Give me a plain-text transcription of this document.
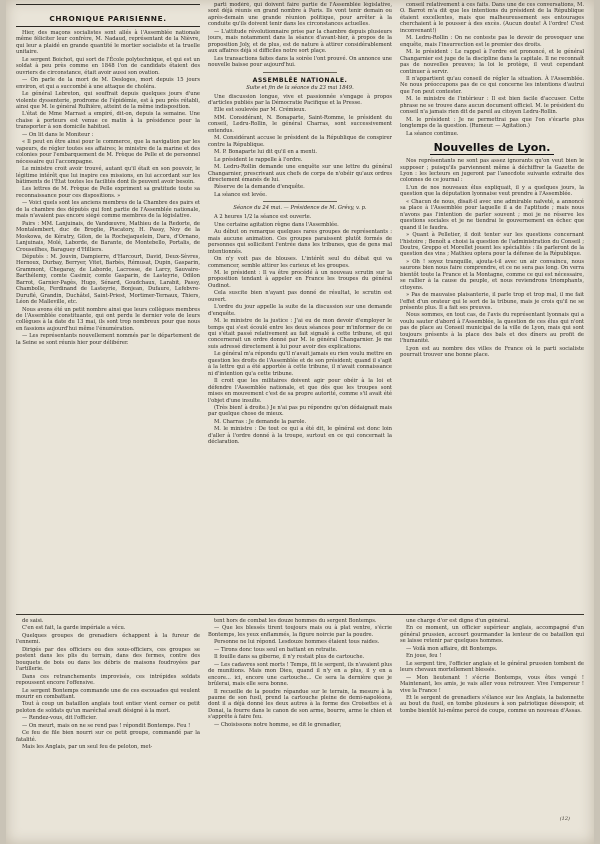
CHRONIQUE PARISIENNE.

Hier, des maçons socialistes sont allés à l'Assemblée nationale même féliciter leur confrère, M. Nadaud, représentant de la Nièvre, qui leur a plaidé en grande quantité le mortier socialiste et la truelle unitaire.

Le sergent Boichot, qui sort de l'École polytechnique, et qui est un soldat à peu près comme en 1848 l'on de candidats étaient des ouvriers de circonstance, était avoir aussi son ovation.

— On parle de la mort de M. Desloges, mort depuis 15 jours environ, et qui a succombé à une attaque de choléra.

Le général Lebreton, qui souffrait depuis quelques jours d'une violente dyssenterie, prodrome de l'épidémie, est à peu près rétabli, ainsi que M. le général Rulhière, atteint de la même indisposition.

L'état de Mme Marrast a empiré, dit-on, depuis la semaine. Une chaise à porteurs est venue ce matin à la présidence pour la transporter à son domicile habituel.

— On lit dans le Moniteur :

« Il peut en être ainsi pour le commerce, que la navigation par les vapeurs, de régler toutes ses affaires; le ministre de la marine et des colonies pour l'embarquement de M. Frèque de Pelle et de personnel nécessaire qui l'accompagne.

Le ministre croit avoir trouvé, autant qu'il était en son pouvoir, le légitime intérêt que lui inspire ces missions, en lui accordant sur les bâtiments de l'État toutes les facilités dont ils peuvent avoir besoin.

Les lettres de M. Frèque de Pelle expriment sa gratitude toute sa reconnaissance pour ces dispositions. »

— Voici quels sont les anciens membres de la Chambre des pairs et de la chambre des députés qui font partie de l'Assemblée nationale, mais n'avaient pas encore siégé comme membres de la législative.

Pairs : MM. Lanjuinais, de Vandœuvre, Mathieu de la Redorte, de Montalembert, duc de Broglie, Piscatory, H. Passy, Noy de la Moskowa, de Kératry, Gilon, de la Rochejaquelein, Daru, d'Ornano, Lanjuinais, Molé, Laborde, de Barante, de Montebello, Portalis, de Crouseilhes, Baraguey d'Hilliers.

Députés : M. Jouvin, Dampierre, d'Harcourt, David, Deux-Sèvres, Hernoux, Durbay, Berryer, Vitet, Barbès, Rémusat, Dupin, Gasparin, Grammont, Chegaray, de Laborde, Lacrosse, de Larcy, Sauvaire-Barthélemy, comte Casimir, comte Gasparin, de Lasteyrie, Odilon Barrot, Garnier-Pagès, Hugo, Sénard, Goudchaux, Larabit, Passy, Chambolle, Ferdinand de Lasteyrie, Bonjean, Dufaure, Lefebvre-Duruflé, Grandin, Duchâtel, Saint-Priest, Mortimer-Ternaux, Thiers, Léon de Malleville, etc.

Nous avons été un petit nombre ainsi que leurs collègues membres de l'Assemblée constituante, qui ont perdu le dernier vote de leurs collègues à la date du 13 mai, ils sont trop nombreux pour que nous en fassions aujourd'hui même l'énumération.

— Les représentants nouvellement nommés par le département de la Seine se sont réunis hier pour délibérer.

parti modéré, qui doivent faire partie de l'Assemblée législative, sont déjà réunis en grand nombre à Paris. Ils vont tenir demain ou après-demain une grande réunion politique, pour arrêter à la conduite qu'ils doivent tenir dans les circonstances actuelles.

— L'attitude révolutionnaire prise par la chambre depuis plusieurs jours, mais notamment dans la séance d'avant-hier, à propos de la proposition Joly, et de plus, est de nature à attirer considérablement aux affaires déjà si difficiles notre sort plaçe.

Les transactions faites dans la soirée l'ont prouvé. On annonce une nouvelle baisse pour aujourd'hui.

ASSEMBLÉE NATIONALE.
Suite et fin de la séance du 23 mai 1849.

Une discussion longue, vive et passionnée s'engage à propos d'articles publiés par la Démocratie Pacifique et la Presse.

Elle est soulevée par M. Crémieux.

MM. Considérant, N. Bonaparte, Saint-Romme, le président du conseil, Ledru-Rollin, le général Charras, sont successivement entendus.

M. Considérant accuse le président de la République de conspirer contre la République.

M. P. Bonaparte lui dit qu'il en a menti.

Le président le rappelle à l'ordre.

M. Ledru-Rollin demande une enquête sur une lettre du général Changarnier, prescrivant aux chefs de corps de n'obéir qu'aux ordres directement émanés de lui.

Réserve de la demande d'enquête.

La séance est levée.

Séance du 24 mai. — Présidence de M. Grévy, v. p.

A 2 heures 1/2 la séance est ouverte.

Une certaine agitation règne dans l'Assemblée.

Au début on remarque quelques rares groupes de représentants : mais aucune animation. Ces groupes paraissent plutôt formés de personnes qui sollicitent l'entrée dans les tribunes, que de gens mal intentionnés.

On n'y voit pas de blouses. L'intérêt seul du débat qui va commencer, semble attirer les curieux et les groupes.

M. le président : Il va être procédé à un nouveau scrutin sur la proposition tendant à appeler en France les troupes du général Oudinot.

Cela suscite bien n'ayant pas donné de résultat, le scrutin est ouvert.

L'ordre du jour appelle la suite de la discussion sur une demande d'enquête.

M. le ministre de la justice : J'ai eu de mon devoir d'employer le temps qui s'est écoulé entre les deux séances pour m'informer de ce qui s'était passé relativement au fait signalé à cette tribune, et qui concernerait un ordre donné par M. le général Changarnier. Je me suis adressé directement à lui pour avoir des explications.

Le général m'a répondu qu'il n'avait jamais eu rien voulu mettre en question les droits de l'Assemblée et de son président; quand il s'agit à la lettre qui a été apportée à cette tribune, il n'avait connaissance ni d'intention qu'a cette tribune.

Il croit que les militaires doivent agir pour obéir à la loi et défendre l'Assemblée nationale, et que dès que les troupes sont mises en mouvement c'est de sa propre autorité, comme s'il avait été l'objet d'une insulte.

(Très bien! à droite.) Je n'ai pas pu répondre qu'on dédaignait mais par quelque chose de mieux.

M. Charras : Je demande la parole.

M. le ministre : De tout ce qui a été dit, le général est donc loin d'aller à l'ordre donné à la troupe, surtout en ce qui concernait la déclaration.

conseil relativement à ces faits. Dans une de ces conversations, M. O. Barrot m'a dit que les intentions du président de la République étaient excellentes, mais que malheureusement ses entourages cherchaient à le pousser à des excès. (Aucun doute! À l'ordre! C'est inconvenant!)

M. Ledru-Rollin : On ne conteste pas le devoir de provoquer une enquête, mais l'insurrection est le premier des droits.

M. le président : Le rappel à l'ordre est prononcé, et le général Changarnier est juge de la discipline dans la capitale. Il ne reconnaît pas de nouvelles preuves; la loi le protège, il veut cependant continuer à servir.

Il n'appartient qu'au conseil de régler la situation. À l'Assemblée. Ne nous préoccupons pas de ce qui concerne les intentions d'autrui que l'on peut contester.

M. le ministre de l'intérieur : Il est bien facile d'accuser. Cette phrase ne se trouve dans aucun document officiel. M. le président du conseil n'a jamais rien dit de pareil au citoyen Ledru-Rollin.

M. le président : Je ne permettrai pas que l'on s'écarte plus longtemps de la question. (Rumeur. — Agitation.)

La séance continue.

Nouvelles de Lyon.

Nos représentants ne sont pas assez ignorants qu'on veut bien le supposer ; puisqu'ils parviennent même à déchiffrer la Gazette de Lyon : les lecteurs en jugeront par l'anecdote suivante extraite des colonnes de ce journal :

L'un de nos nouveaux élus expliquait, il y a quelques jours, la question que la députation lyonnaise veut prendre à l'Assemblée.

« Chacun de nous, disait-il avec une admirable naïveté, a annoncé sa place à l'Assemblée pour laquelle il a de l'aptitude ; mais nous n'avons pas l'intention de parler souvent ; moi je ne réserve les questions sociales et je ne tiendrai le gouvernement en échec que quand il le faudra.

» Quant à Pelletier, il doit tenter sur les questions concernant l'histoire ; Benoît a choisi la question de l'administration du Conseil ; Doutre, Greppo et Morellet jouent les spécialités : ils parleront de la question des vins ; Mathieu optera pour la défense de la République.

» Oh ! soyez tranquille, ajouta-t-il avec un air convaincu, nous saurons bien nous faire comprendre, et ce ne sera pas long. On verra bientôt toute la France et la Montagne, comme ce qui est nécessaire, se rallier à la cause du peuple, et nous reviendrons triomphants, citoyens.

» Pas de mauvaise plaisanterie, il parle trop et trop mal, il me fait l'effet d'un orateur qui le sort de la tribune, mais je crois qu'il ne se présente plus. Il a fait ses preuves.

Nous sommes, en tout cas, de l'avis du représentant lyonnais qui a voulu sauter d'abord à l'Assemblée, la question de ces élus qui n'ont pas de place au Conseil municipal de la ville de Lyon, mais qui sont toujours présents à la place des bals et des dîners au profit de l'humanité.

Lyon est au nombre des villes de France où le parti socialiste pourrait trouver une bonne place.

de saisi.

C'en est fait, la garde impériale a vécu.

Quelques groupes de grenadiers échappent à la fureur de l'ennemi.

Dirigés par des officiers ou des sous-officiers, ces groupes se postent dans les plis du terrain, dans des fermes, contre des bouquets de bois ou dans les débris de maisons foudroyées par l'artillerie.

Dans ces retranchements improvisés, ces intrépides soldats repoussent encore l'offensive.

Le sergent Bontemps commande une de ces escouades qui veulent mourir en combattant.

Tout à coup un bataillon anglais tout entier vient cerner ce petit peloton de soldats qu'un maréchal avait désigné à la mort.

— Rendez-vous, dit l'officier.

— On meurt, mais on ne se rend pas ! répondit Bontemps. Feu !

Ce feu de file bien nourri sur ce petit groupe, commandé par la fatalité.

Mais les Anglais, par un seul feu de peloton, met-

tent hors de combat les douze hommes du sergent Bontemps.

— Que les blessés tirent toujours mais ou à plat ventre, s'écrie Bontemps, les yeux enflammés, la figure noircie par la poudre.

Personne ne lui répond. Lesdouze hommes étaient tous raides.

— Tirons donc tous seul en battant en retraite.

Il fouille dans sa giberne, il n'y restait plus de cartouche.

— Les cadavres sont morts ! Temps, fit le sergent, ils n'avaient plus de munitions. Mais mon Dieu, quand il n'y en a plus, il y en a encore... ici, encore une cartouche... Ce sera la dernière que je brûlerai, mais elle sera bonne.

Il recueille de la poudre répandue sur le terrain, la mesure à la paume de son fusil, prend la cartouche pleine de demi-napoléons, dont il a déjà donné les deux autres à la forme des Croisettes et à Donai, la fourre dans le canon de son arme, bourre, arme le chien et s'apprête à faire feu.

— Choisissons notre homme, se dit le grenadier,

une charge d'or est digne d'un général.

En ce moment, un officier supérieur anglais, accompagné d'un général prussien, accourt gourmander la lenteur de ce bataillon qui se laisse retenir par quelques hommes.

— Voilà mon affaire, dit Bontemps.

En joue, feu !

Le sergent tire, l'officier anglais et le général prussien tombent de leurs chevaux mortellement blessés.

— Mon lieutenant ! s'écrie Bontemps, vous êtes vengé ! Maintenant, les amis, je vais aller vous retrouver. Vive l'empereur ! vive la France !

Et le sergent de grenadiers s'élance sur les Anglais, la baïonnette au bout du fusil, en tombe plusieurs à son patriotique désespoir, et tombe bientôt lui-même percé de coups, comme un nouveau d'Assas.

(12)
